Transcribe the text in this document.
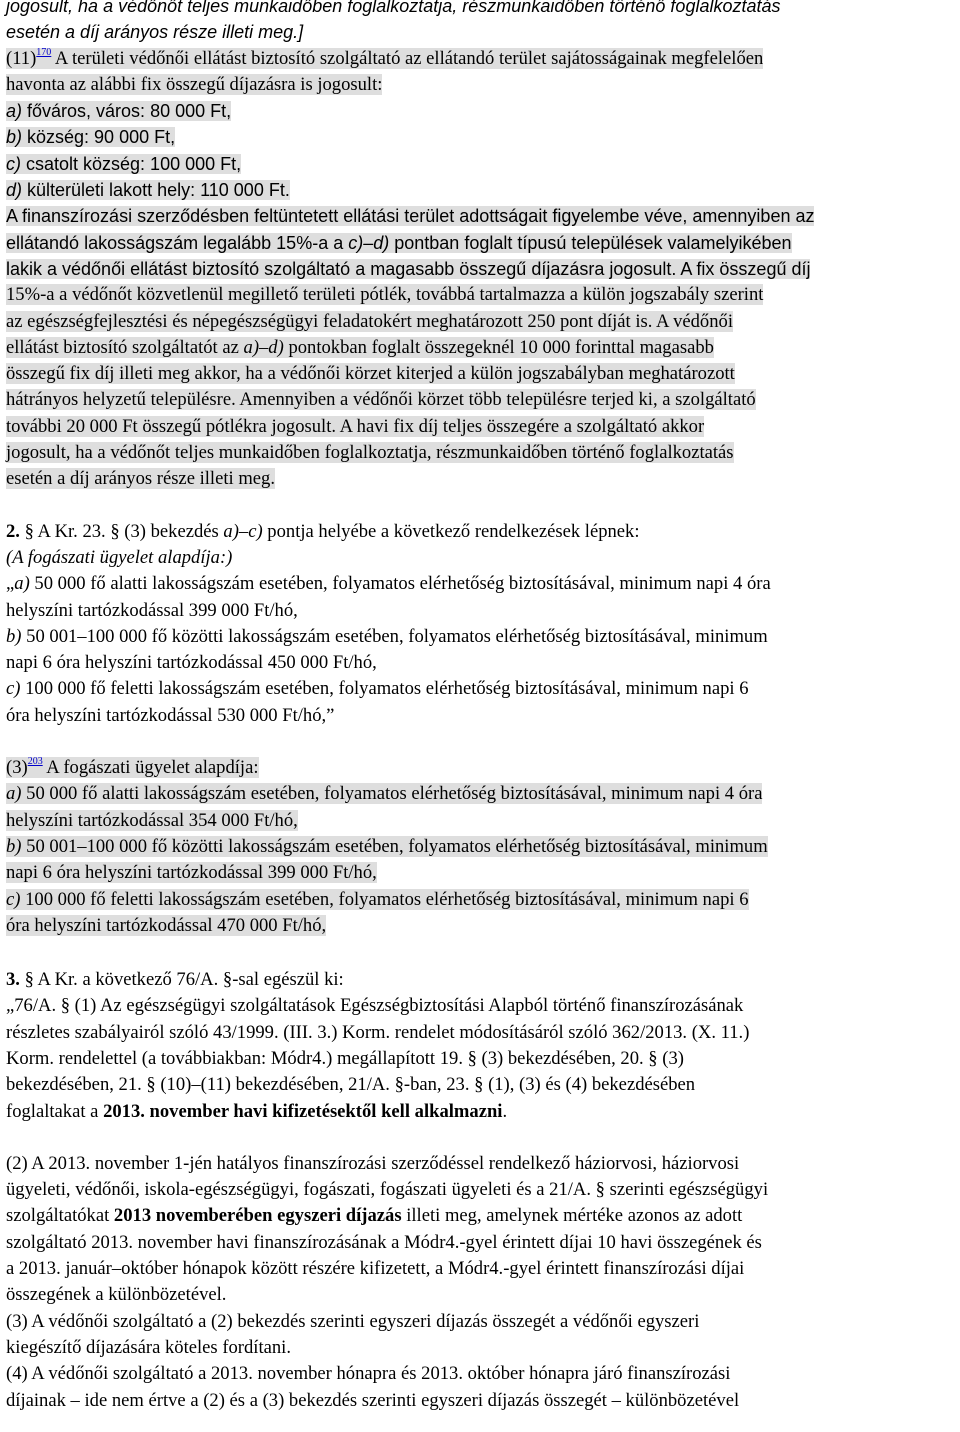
jogosult, ha a védőnőt teljes munkaidőben foglalkoztatja, részmunkaidőben történő foglalkoztatás
esetén a díj arányos része illeti meg.]
(11)$^{170}$ A területi védőnői ellátást biztosító szolgáltató az ellátandó terület sajátosságainak megfelelően
havonta az alábbi fix összegű díjazásra is jogosult:
a) főváros, város: 80 000 Ft,
b) község: 90 000 Ft,
c) csatolt község: 100 000 Ft,
d) külterületi lakott hely: 110 000 Ft.
A finanszírozási szerződésben feltüntetett ellátási terület adottságait figyelembe véve, amennyiben az
ellátandó lakosságszám legalább 15%-a a c)–d) pontban foglalt típusú települések valamelyikében
lakik a védőnői ellátást biztosító szolgáltató a magasabb összegű díjazásra jogosult. A fix összegű díj
15%-a a védőnőt közvetlenül megillető területi pótlék, továbbá tartalmazza a külön jogszabály szerint
az egészségfejlesztési és népegészségügyi feladatokért meghatározott 250 pont díját is. A védőnői
ellátást biztosító szolgáltatót az a)–d) pontokban foglalt összegeknél 10 000 forinttal magasabb
összegű fix díj illeti meg akkor, ha a védőnői körzet kiterjed a külön jogszabályban meghatározott
hátrányos helyzetű településre. Amennyiben a védőnői körzet több településre terjed ki, a szolgáltató
további 20 000 Ft összegű pótlékra jogosult. A havi fix díj teljes összegére a szolgáltató akkor
jogosult, ha a védőnőt teljes munkaidőben foglalkoztatja, részmunkaidőben történő foglalkoztatás
esetén a díj arányos része illeti meg.
2. § A Kr. 23. § (3) bekezdés a)–c) pontja helyébe a következő rendelkezések lépnek:
(A fogászati ügyelet alapdíja:)
„a) 50 000 fő alatti lakosságszám esetében, folyamatos elérhetőség biztosításával, minimum napi 4 óra
helyszíni tartózkodással 399 000 Ft/hó,
b) 50 001–100 000 fő közötti lakosságszám esetében, folyamatos elérhetőség biztosításával, minimum
napi 6 óra helyszíni tartózkodással 450 000 Ft/hó,
c) 100 000 fő feletti lakosságszám esetében, folyamatos elérhetőség biztosításával, minimum napi 6
óra helyszíni tartózkodással 530 000 Ft/hó,”
(3)$^{203}$ A fogászati ügyelet alapdíja:
a) 50 000 fő alatti lakosságszám esetében, folyamatos elérhetőség biztosításával, minimum napi 4 óra
helyszíni tartózkodással 354 000 Ft/hó,
b) 50 001–100 000 fő közötti lakosságszám esetében, folyamatos elérhetőség biztosításával, minimum
napi 6 óra helyszíni tartózkodással 399 000 Ft/hó,
c) 100 000 fő feletti lakosságszám esetében, folyamatos elérhetőség biztosításával, minimum napi 6
óra helyszíni tartózkodással 470 000 Ft/hó,
3. § A Kr. a következő 76/A. §-sal egészül ki:
„76/A. § (1) Az egészségügyi szolgáltatások Egészségbiztosítási Alapból történő finanszírozásának
részletes szabályairól szóló 43/1999. (III. 3.) Korm. rendelet módosításáról szóló 362/2013. (X. 11.)
Korm. rendelettel (a továbbiakban: Módr4.) megállapított 19. § (3) bekezdésében, 20. § (3)
bekezdésében, 21. § (10)–(11) bekezdésében, 21/A. §-ban, 23. § (1), (3) és (4) bekezdésében
foglaltakat a 2013. november havi kifizetésektől kell alkalmazni.
(2) A 2013. november 1-jén hatályos finanszírozási szerződéssel rendelkező háziorvosi, háziorvosi
ügyeleti, védőnői, iskola-egészségügyi, fogászati, fogászati ügyeleti és a 21/A. § szerinti egészségügyi
szolgáltatókat 2013 novemberében egyszeri díjazás illeti meg, amelynek mértéke azonos az adott
szolgáltató 2013. november havi finanszírozásának a Módr4.-gyel érintett díjai 10 havi összegének és
a 2013. január–október hónapok között részére kifizetett, a Módr4.-gyel érintett finanszírozási díjai
összegének a különbözetével.
(3) A védőnői szolgáltató a (2) bekezdés szerinti egyszeri díjazás összegét a védőnői egyszeri
kiegészítő díjazására köteles fordítani.
(4) A védőnői szolgáltató a 2013. november hónapra és 2013. október hónapra járó finanszírozási
díjainak – ide nem értve a (2) és a (3) bekezdés szerinti egyszeri díjazás összegét – különbözetével
